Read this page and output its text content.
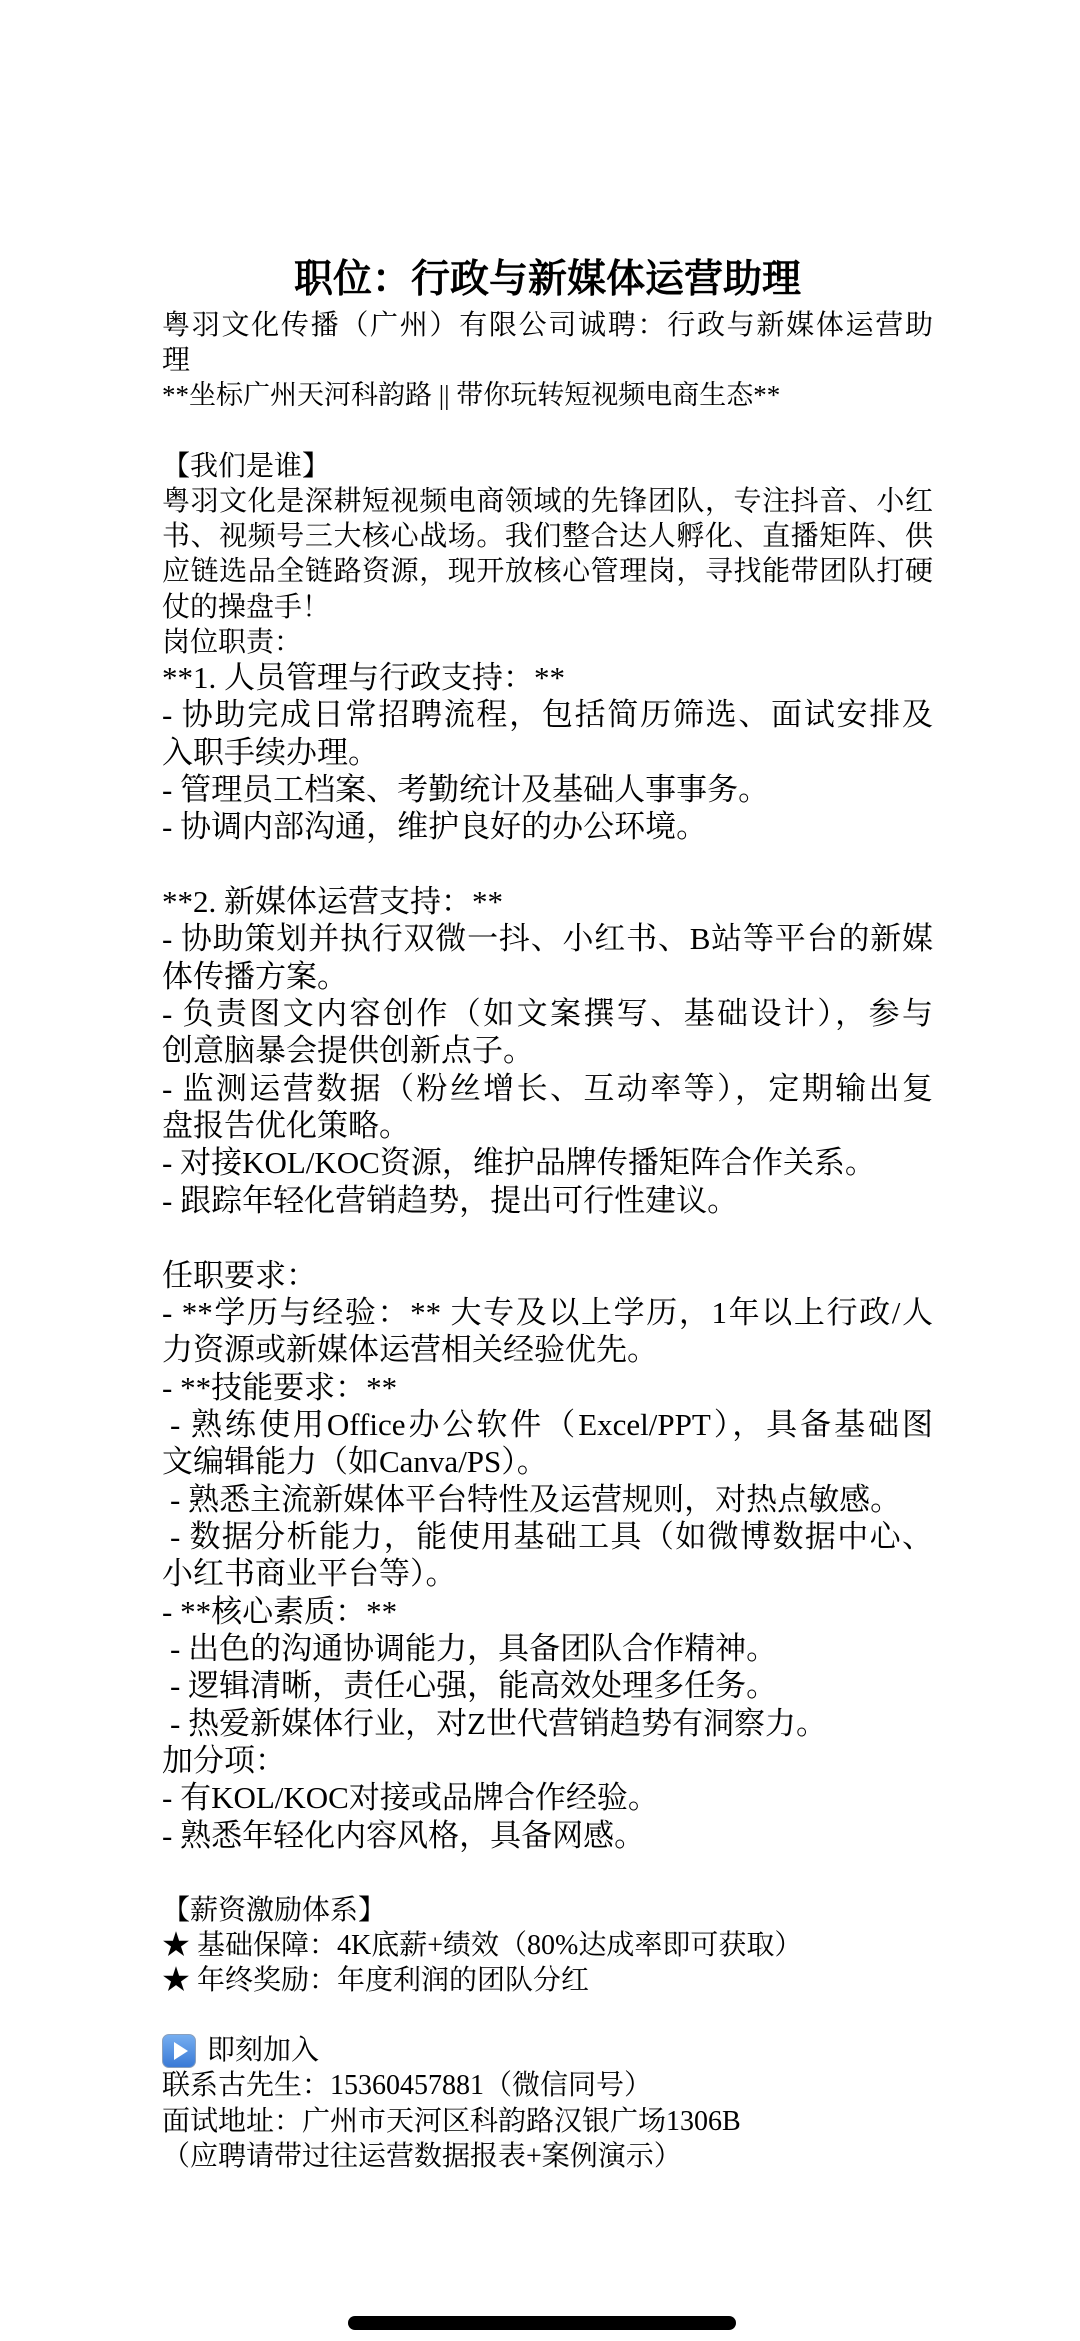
职位：行政与新媒体运营助理
粤羽文化传播（广州）有限公司诚聘：行政与新媒体运营助
理
**坐标广州天河科韵路 || 带你玩转短视频电商生态**
【我们是谁】
粤羽文化是深耕短视频电商领域的先锋团队，专注抖音、小红
书、视频号三大核心战场。我们整合达人孵化、直播矩阵、供
应链选品全链路资源，现开放核心管理岗，寻找能带团队打硬
仗的操盘手！
岗位职责：
**1. 人员管理与行政支持：**
- 协助完成日常招聘流程，包括简历筛选、面试安排及
入职手续办理。
- 管理员工档案、考勤统计及基础人事事务。
- 协调内部沟通，维护良好的办公环境。
**2. 新媒体运营支持：**
- 协助策划并执行双微一抖、小红书、B站等平台的新媒
体传播方案。
- 负责图文内容创作（如文案撰写、基础设计），参与
创意脑暴会提供创新点子。
- 监测运营数据（粉丝增长、互动率等），定期输出复
盘报告优化策略。
- 对接KOL/KOC资源，维护品牌传播矩阵合作关系。
- 跟踪年轻化营销趋势，提出可行性建议。
任职要求：
- **学历与经验：** 大专及以上学历，1年以上行政/人
力资源或新媒体运营相关经验优先。
- **技能要求：**
- 熟练使用Office办公软件（Excel/PPT），具备基础图
文编辑能力（如Canva/PS）。
- 熟悉主流新媒体平台特性及运营规则，对热点敏感。
- 数据分析能力，能使用基础工具（如微博数据中心、
小红书商业平台等）。
- **核心素质：**
- 出色的沟通协调能力，具备团队合作精神。
- 逻辑清晰，责任心强，能高效处理多任务。
- 热爱新媒体行业，对Z世代营销趋势有洞察力。
加分项：
- 有KOL/KOC对接或品牌合作经验。
- 熟悉年轻化内容风格，具备网感。
【薪资激励体系】
★ 基础保障：4K底薪+绩效（80%达成率即可获取）
★ 年终奖励：年度利润的团队分红
即刻加入
联系古先生：15360457881（微信同号）
面试地址：广州市天河区科韵路汉银广场1306B
（应聘请带过往运营数据报表+案例演示）
